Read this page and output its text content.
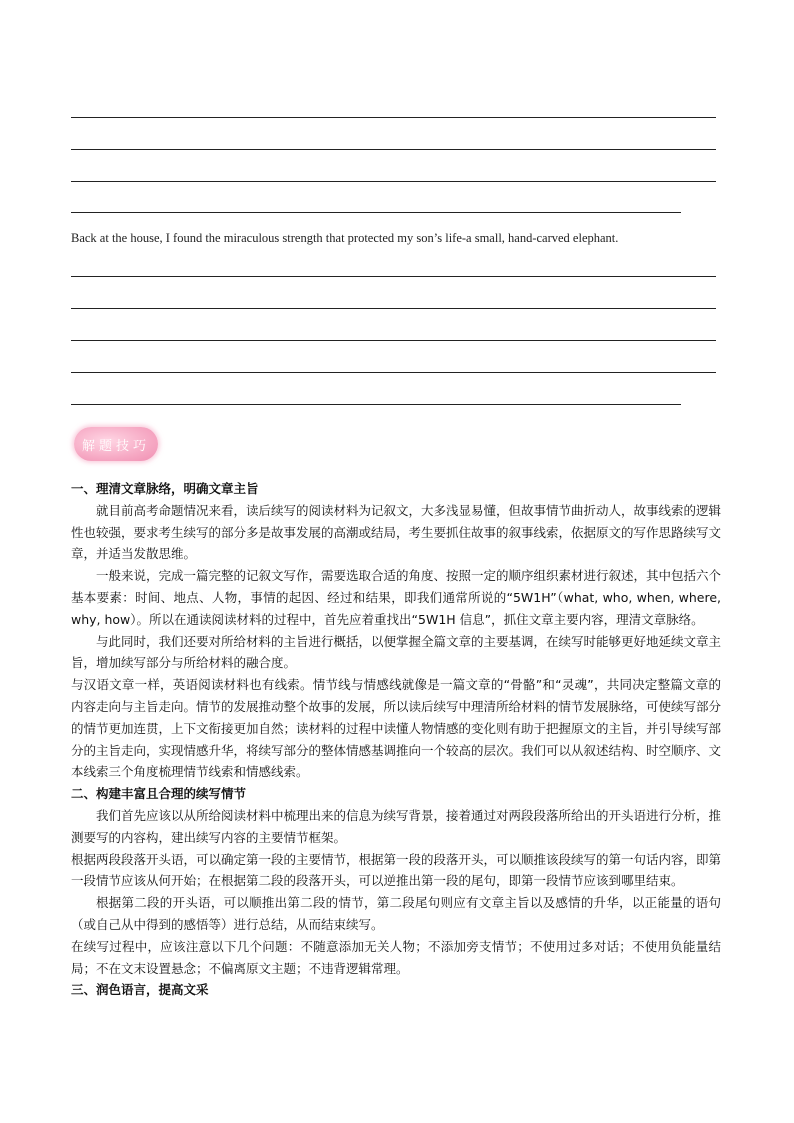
Back at the house, I found the miraculous strength that protected my son’s life-a small, hand-carved elephant.
解题技巧

一、理清文章脉络，明确文章主旨

就目前高考命题情况来看，读后续写的阅读材料为记叙文，大多浅显易懂，但故事情节曲折动人，故事线索的逻辑性也较强，要求考生续写的部分多是故事发展的高潮或结局，考生要抓住故事的叙事线索，依据原文的写作思路续写文章，并适当发散思维。

一般来说，完成一篇完整的记叙文写作，需要选取合适的角度、按照一定的顺序组织素材进行叙述，其中包括六个基本要素：时间、地点、人物，事情的起因、经过和结果，即我们通常所说的“5W1H”（what, who, when, where, why, how）。所以在通读阅读材料的过程中，首先应着重找出“5W1H 信息”，抓住文章主要内容，理清文章脉络。

与此同时，我们还要对所给材料的主旨进行概括，以便掌握全篇文章的主要基调，在续写时能够更好地延续文章主旨，增加续写部分与所给材料的融合度。

与汉语文章一样，英语阅读材料也有线索。情节线与情感线就像是一篇文章的“骨骼”和“灵魂”，共同决定整篇文章的内容走向与主旨走向。情节的发展推动整个故事的发展，所以读后续写中理清所给材料的情节发展脉络，可使续写部分的情节更加连贯，上下文衔接更加自然；读材料的过程中读懂人物情感的变化则有助于把握原文的主旨，并引导续写部分的主旨走向，实现情感升华，将续写部分的整体情感基调推向一个较高的层次。我们可以从叙述结构、时空顺序、文本线索三个角度梳理情节线索和情感线索。

二、构建丰富且合理的续写情节

我们首先应该以从所给阅读材料中梳理出来的信息为续写背景，接着通过对两段段落所给出的开头语进行分析，推测要写的内容构，建出续写内容的主要情节框架。

根据两段段落开头语，可以确定第一段的主要情节，根据第一段的段落开头，可以顺推该段续写的第一句话内容，即第一段情节应该从何开始；在根据第二段的段落开头，可以逆推出第一段的尾句，即第一段情节应该到哪里结束。

根据第二段的开头语，可以顺推出第二段的情节，第二段尾句则应有文章主旨以及感情的升华，以正能量的语句（或自己从中得到的感悟等）进行总结，从而结束续写。

在续写过程中，应该注意以下几个问题：不随意添加无关人物；不添加旁支情节；不使用过多对话；不使用负能量结局；不在文末设置悬念；不偏离原文主题；不违背逻辑常理。

三、润色语言，提高文采
